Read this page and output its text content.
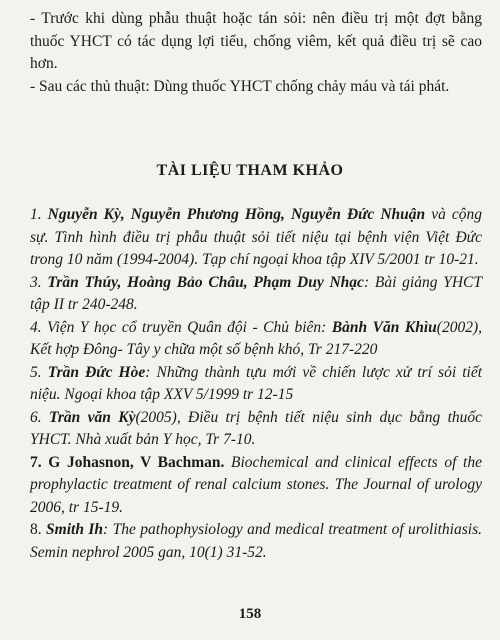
- Trước khi dùng phẫu thuật hoặc tán sỏi: nên điều trị một đợt bằng thuốc YHCT có tác dụng lợi tiểu, chống viêm, kết quả điều trị sẽ cao hơn.

- Sau các thủ thuật: Dùng thuốc YHCT chống chảy máu và tái phát.

TÀI LIỆU THAM KHẢO

1. Nguyễn Kỳ, Nguyễn Phương Hồng, Nguyễn Đức Nhuận và cộng sự. Tình hình điều trị phẫu thuật sỏi tiết niệu tại bệnh viện Việt Đức trong 10 năm (1994-2004). Tạp chí ngoại khoa tập XIV 5/2001 tr 10-21.

3. Trần Thúy, Hoàng Bảo Châu, Phạm Duy Nhạc: Bài giảng YHCT tập II tr 240-248.

4. Viện Y học cổ truyền Quân đội - Chủ biên: Bành Văn Khìu(2002), Kết hợp Đông- Tây y chữa một số bệnh khó, Tr 217-220

5. Trần Đức Hòe: Những thành tựu mới về chiến lược xử trí sỏi tiết niệu. Ngoại khoa tập XXV 5/1999 tr 12-15

6. Trần văn Kỳ(2005), Điều trị bệnh tiết niệu sinh dục bằng thuốc YHCT. Nhà xuất bản Y học, Tr 7-10.

7. G Johasnon, V Bachman. Biochemical and clinical effects of the prophylactic treatment of renal calcium stones. The Journal of urology 2006, tr 15-19.

8. Smith Ih: The pathophysiology and medical treatment of urolithiasis. Semin nephrol 2005 gan, 10(1) 31-52.

158
